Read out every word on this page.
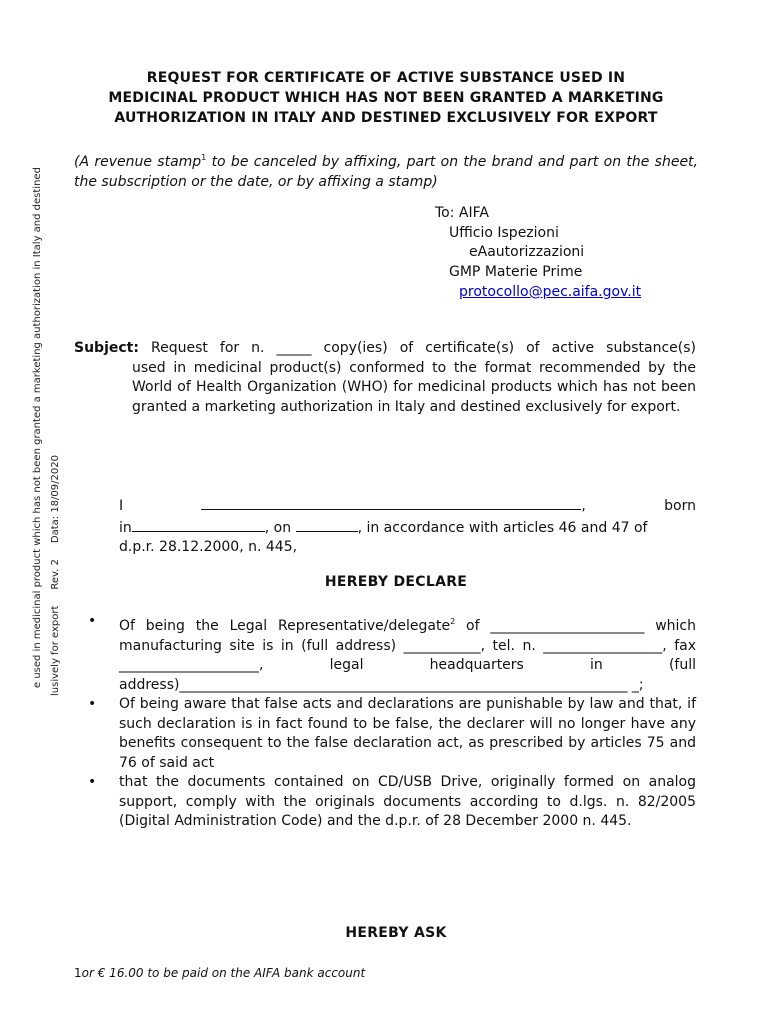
e used in medicinal product which has not been granted a marketing authorization in Italy and destined lusively for exportRev. 2Data: 18/09/2020
REQUEST FOR CERTIFICATE OF ACTIVE SUBSTANCE USED IN
MEDICINAL PRODUCT WHICH HAS NOT BEEN GRANTED A MARKETING
AUTHORIZATION IN ITALY AND DESTINED EXCLUSIVELY FOR EXPORT
(A revenue stamp$^1$ to be canceled by affixing, part on the brand and part on the sheet, the subscription or the date, or by affixing a stamp)
To: AIFA
Ufficio Ispezioni
eAautorizzazioni
GMP Materie Prime
protocollo@pec.aifa.gov.it
Subject: Request for n. _____ copy(ies) of certificate(s) of active substance(s)
used in medicinal product(s) conformed to the format recommended by the World of Health Organization (WHO) for medicinal products which has not been granted a marketing authorization in Italy and destined exclusively for export.
I	,	born
in	, on	, in accordance with articles 46 and 47 of
d.p.r. 28.12.2000, n. 445,
HEREBY DECLARE
•	Of being the Legal Representative/delegate$^2$ of ______________________ which manufacturing site is in (full address) ___________, tel. n. _________________, fax ____________________, legal headquarters in (full address)________________________________________________________________ _;
•	Of being aware that false acts and declarations are punishable by law and that, if such declaration is in fact found to be false, the declarer will no longer have any benefits consequent to the false declaration act, as prescribed by articles 75 and 76 of said act
•	that the documents contained on CD/USB Drive, originally formed on analog support, comply with the originals documents according to d.lgs. n. 82/2005 (Digital Administration Code) and the d.p.r. of 28 December 2000 n. 445.
HEREBY ASK
1or € 16.00 to be paid on the AIFA bank account
